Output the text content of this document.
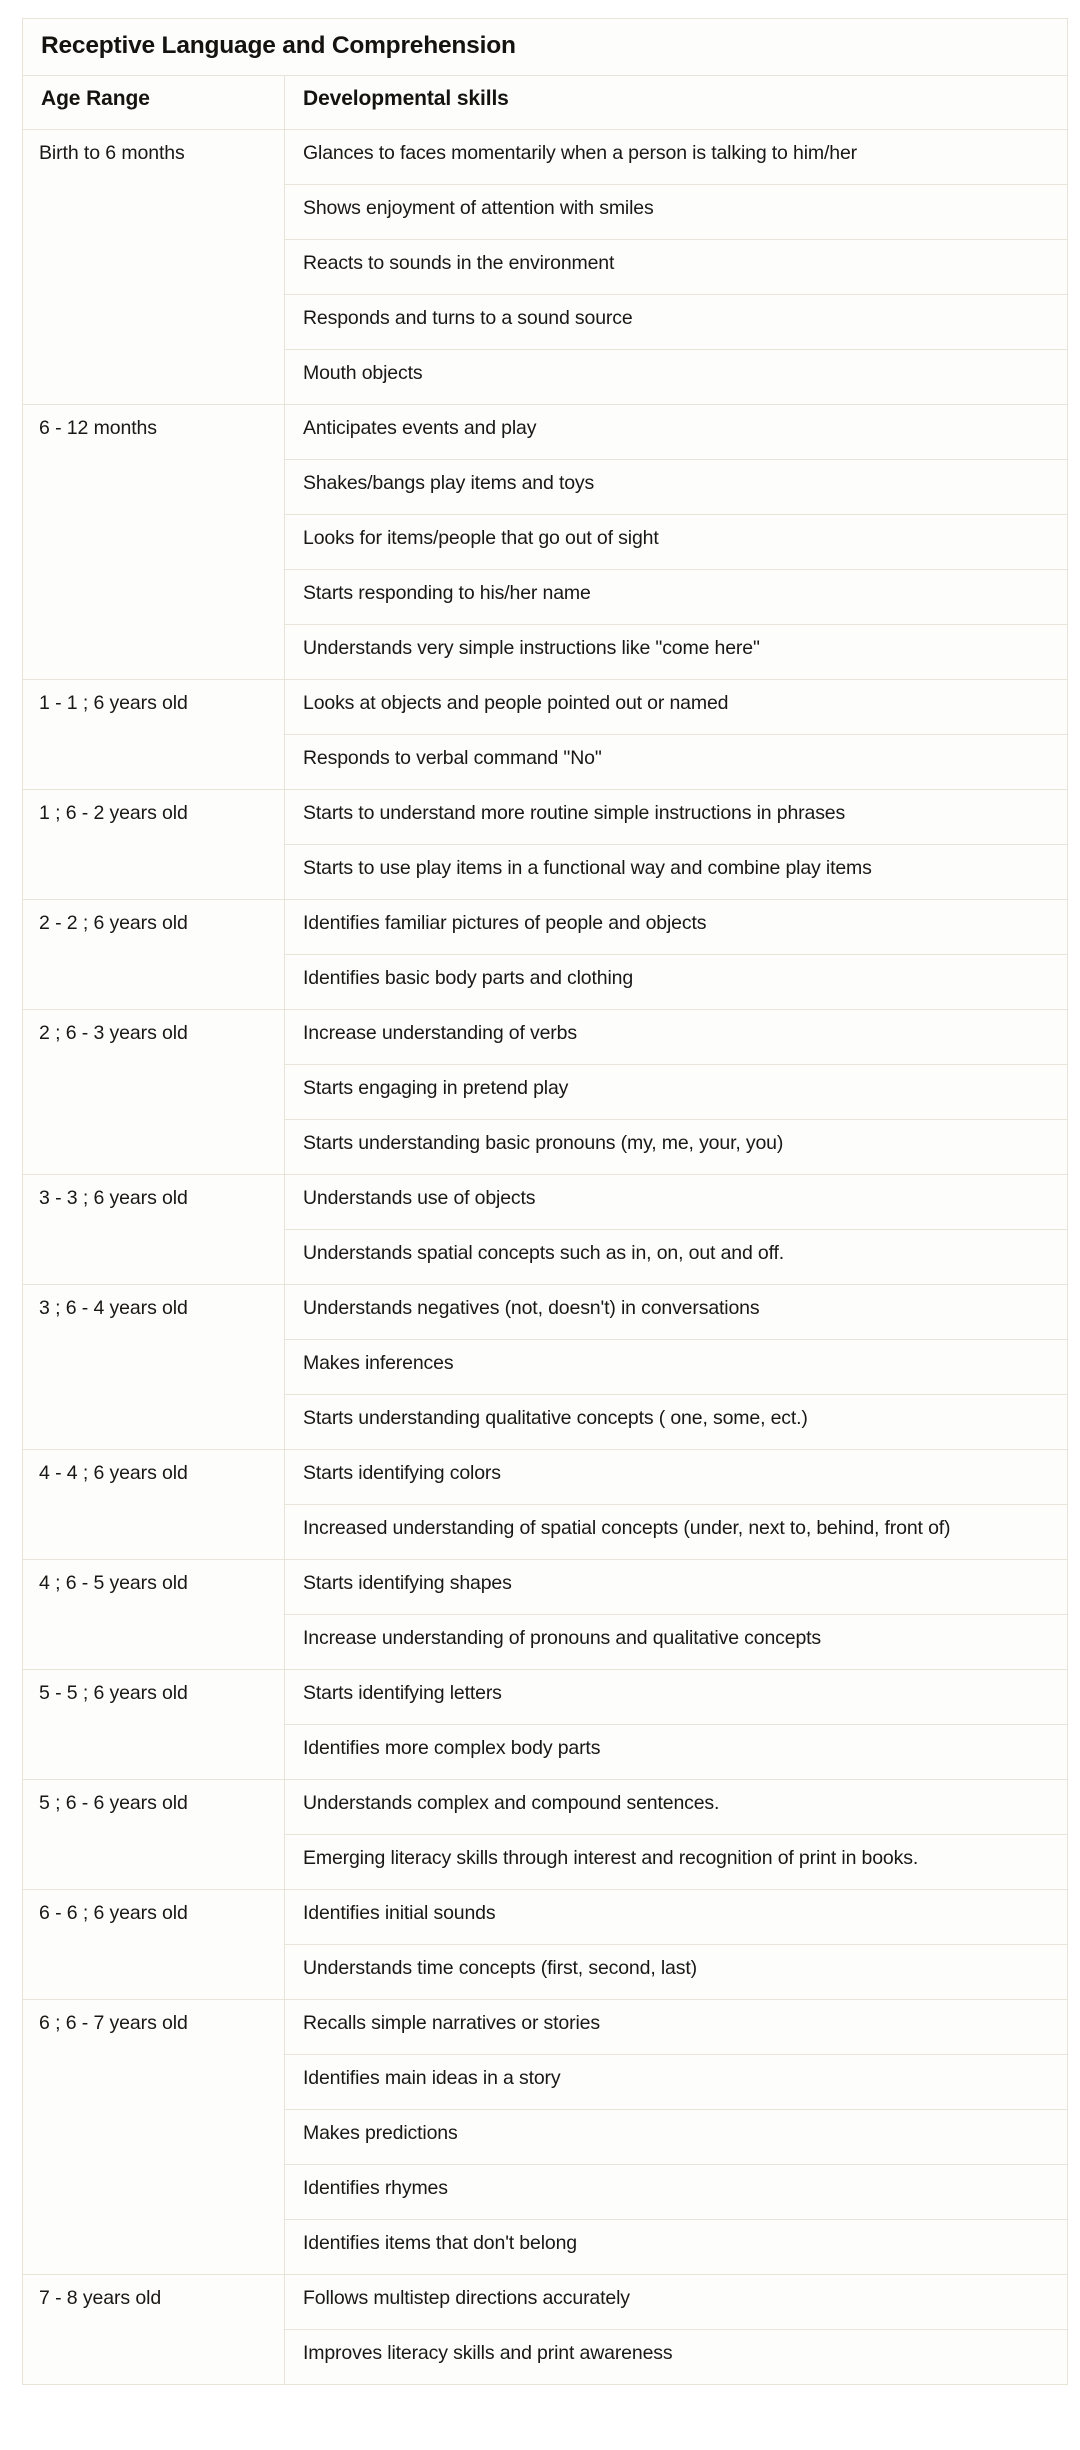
Receptive Language and Comprehension	
Age Range	Developmental skills
Birth to 6 months	Glances to faces momentarily when a person is talking to him/her
	Shows enjoyment of attention with smiles
	Reacts to sounds in the environment
	Responds and turns to a sound source
	Mouth objects
6 - 12 months	Anticipates events and play
	Shakes/bangs play items and toys
	Looks for items/people that go out of sight
	Starts responding to his/her name
	Understands very simple instructions like "come here"
1 - 1 ; 6 years old	Looks at objects and people pointed out or named
	Responds to verbal command "No"
1 ; 6 - 2 years old	Starts to understand more routine simple instructions in phrases
	Starts to use play items in a functional way and combine play items
2 - 2 ; 6 years old	Identifies familiar pictures of people and objects
	Identifies basic body parts and clothing
2 ; 6 - 3 years old	Increase understanding of verbs
	Starts engaging in pretend play
	Starts understanding basic pronouns (my, me, your, you)
3 - 3 ; 6 years old	Understands use of objects
	Understands spatial concepts such as in, on, out and off.
3 ; 6 - 4 years old	Understands negatives (not, doesn't) in conversations
	Makes inferences
	Starts understanding qualitative concepts ( one, some, ect.)
4 - 4 ; 6 years old	Starts identifying colors
	Increased understanding of spatial concepts (under, next to, behind, front of)
4 ; 6 - 5 years old	Starts identifying shapes
	Increase understanding of pronouns and qualitative concepts
5 - 5 ; 6 years old	Starts identifying letters
	Identifies more complex body parts
5 ; 6 - 6 years old	Understands complex and compound sentences.
	Emerging literacy skills through interest and recognition of print in books.
6 - 6 ; 6 years old	Identifies initial sounds
	Understands time concepts (first, second, last)
6 ; 6 - 7 years old	Recalls simple narratives or stories
	Identifies main ideas in a story
	Makes predictions
	Identifies rhymes
	Identifies items that don't belong
7 - 8 years old	Follows multistep directions accurately
	Improves literacy skills and print awareness
